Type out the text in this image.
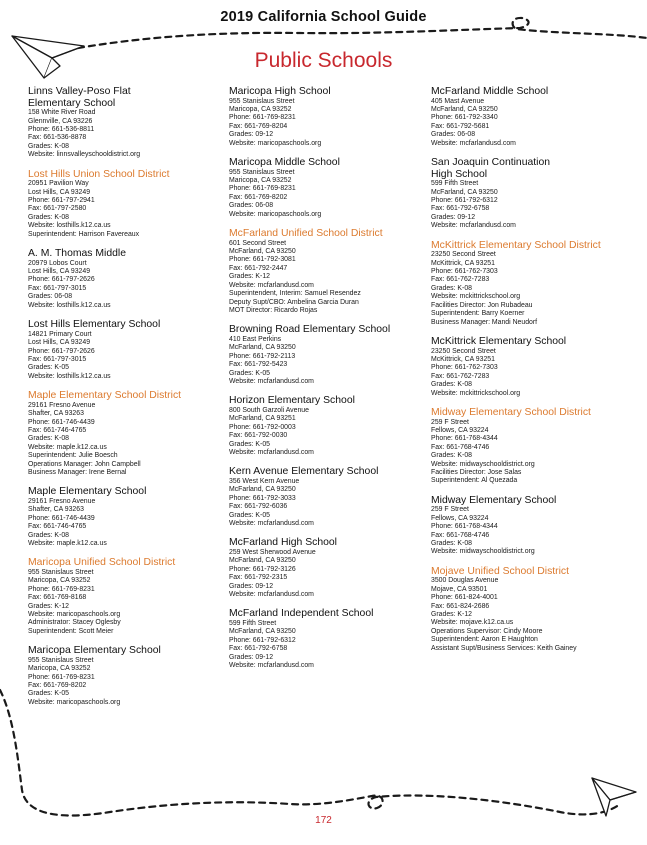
2019 California School Guide
Public Schools
Linns Valley-Poso Flat
Elementary School
158 White River Road
Glennville, CA 93226
Phone: 661-536-8811
Fax: 661-536-8878
Grades: K-08
Website: linnsvalleyschooldistrict.org
Lost Hills Union School District
20951 Pavilion Way
Lost Hills, CA 93249
Phone: 661-797-2941
Fax: 661-797-2580
Grades: K-08
Website: losthills.k12.ca.us
Superintendent: Harrison Favereaux
A. M. Thomas Middle
20979 Lobos Court
Lost Hills, CA 93249
Phone: 661-797-2626
Fax: 661-797-3015
Grades: 06-08
Website: losthills.k12.ca.us
Lost Hills Elementary School
14821 Primary Court
Lost Hills, CA 93249
Phone: 661-797-2626
Fax: 661-797-3015
Grades: K-05
Website: losthills.k12.ca.us
Maple Elementary School District
29161 Fresno Avenue
Shafter, CA 93263
Phone: 661-746-4439
Fax: 661-746-4765
Grades: K-08
Website: maple.k12.ca.us
Superintendent: Julie Boesch
Operations Manager: John Campbell
Business Manager: Irene Bernal
Maple Elementary School
29161 Fresno Avenue
Shafter, CA 93263
Phone: 661-746-4439
Fax: 661-746-4765
Grades: K-08
Website: maple.k12.ca.us
Maricopa Unified School District
955 Stanislaus Street
Maricopa, CA 93252
Phone: 661-769-8231
Fax: 661-769-8168
Grades: K-12
Website: maricopaschools.org
Administrator: Stacey Oglesby
Superintendent: Scott Meier
Maricopa Elementary School
955 Stanislaus Street
Maricopa, CA 93252
Phone: 661-769-8231
Fax: 661-769-8202
Grades: K-05
Website: maricopaschools.org
Maricopa High School
955 Stanislaus Street
Maricopa, CA 93252
Phone: 661-769-8231
Fax: 661-769-8204
Grades: 09-12
Website: maricopaschools.org
Maricopa Middle School
955 Stanislaus Street
Maricopa, CA 93252
Phone: 661-769-8231
Fax: 661-769-8202
Grades: 06-08
Website: maricopaschools.org
McFarland Unified School District
601 Second Street
McFarland, CA 93250
Phone: 661-792-3081
Fax: 661-792-2447
Grades: K-12
Website: mcfarlandusd.com
Superintendent, Interim: Samuel Resendez
Deputy Supt/CBO: Ambelina Garcia Duran
MOT Director: Ricardo Rojas
Browning Road Elementary School
410 East Perkins
McFarland, CA 93250
Phone: 661-792-2113
Fax: 661-792-5423
Grades: K-05
Website: mcfarlandusd.com
Horizon Elementary School
800 South Garzoli Avenue
McFarland, CA 93251
Phone: 661-792-0003
Fax: 661-792-0030
Grades: K-05
Website: mcfarlandusd.com
Kern Avenue Elementary School
356 West Kern Avenue
McFarland, CA 93250
Phone: 661-792-3033
Fax: 661-792-6036
Grades: K-05
Website: mcfarlandusd.com
McFarland High School
259 West Sherwood Avenue
McFarland, CA 93250
Phone: 661-792-3126
Fax: 661-792-2315
Grades: 09-12
Website: mcfarlandusd.com
McFarland Independent School
599 Fifth Street
McFarland, CA 93250
Phone: 661-792-6312
Fax: 661-792-6758
Grades: 09-12
Website: mcfarlandusd.com
McFarland Middle School
405 Mast Avenue
McFarland, CA 93250
Phone: 661-792-3340
Fax: 661-792-5681
Grades: 06-08
Website: mcfarlandusd.com
San Joaquin Continuation
High School
599 Fifth Street
McFarland, CA 93250
Phone: 661-792-6312
Fax: 661-792-6758
Grades: 09-12
Website: mcfarlandusd.com
McKittrick Elementary School District
23250 Second Street
McKittrick, CA 93251
Phone: 661-762-7303
Fax: 661-762-7283
Grades: K-08
Website: mckittrickschool.org
Facilities Director: Jon Rubadeau
Superintendent: Barry Koerner
Business Manager: Mandi Neudorf
McKittrick Elementary School
23250 Second Street
McKittrick, CA 93251
Phone: 661-762-7303
Fax: 661-762-7283
Grades: K-08
Website: mckittrickschool.org
Midway Elementary School District
259 F Street
Fellows, CA 93224
Phone: 661-768-4344
Fax: 661-768-4746
Grades: K-08
Website: midwayschooldistrict.org
Facilities Director: Jose Salas
Superintendent: Al Quezada
Midway Elementary School
259 F Street
Fellows, CA 93224
Phone: 661-768-4344
Fax: 661-768-4746
Grades: K-08
Website: midwayschooldistrict.org
Mojave Unified School District
3500 Douglas Avenue
Mojave, CA 93501
Phone: 661-824-4001
Fax: 661-824-2686
Grades: K-12
Website: mojave.k12.ca.us
Operations Supervisor: Cindy Moore
Superintendent: Aaron E Haughton
Assistant Supt/Business Services: Keith Gainey
172
